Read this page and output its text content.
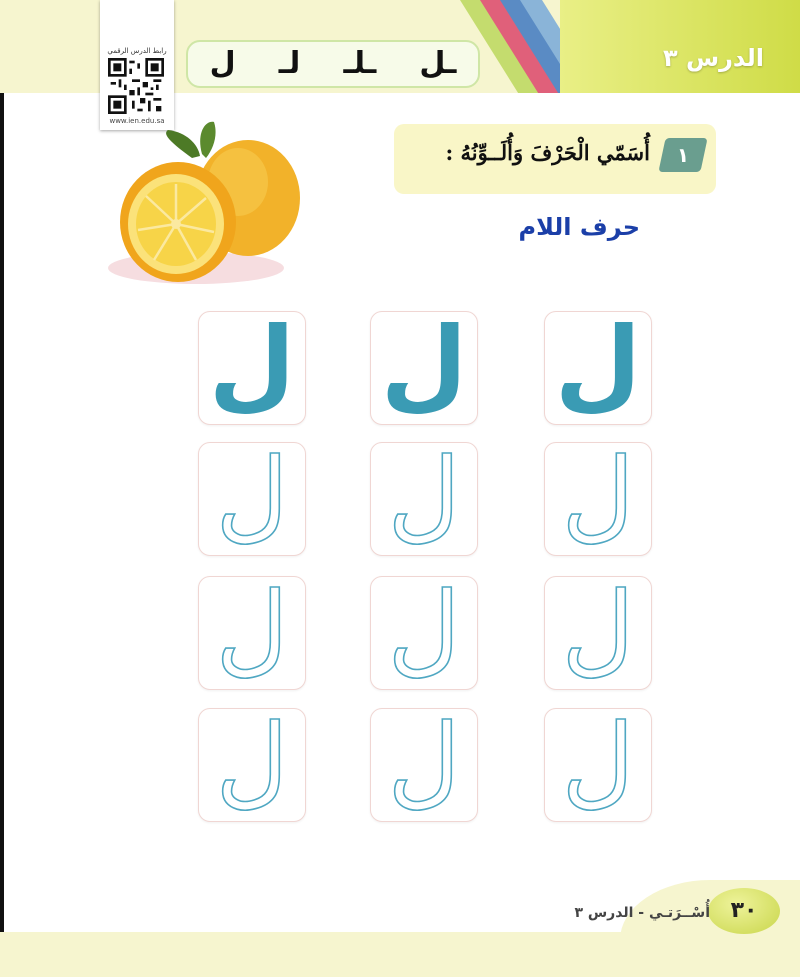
الدرس ٣
ـل
ـلـ
لـ
ل
رابط الدرس الرقمي
www.ien.edu.sa
١
أُسَمّي الْحَرْفَ وَأُلَــوِّنُهُ :
حرف اللام
ل
ل
ل
ل
ل
ل
ل
ل
ل
ل
ل
ل
٣٠
أُسْــرَتـي - الدرس ٣
